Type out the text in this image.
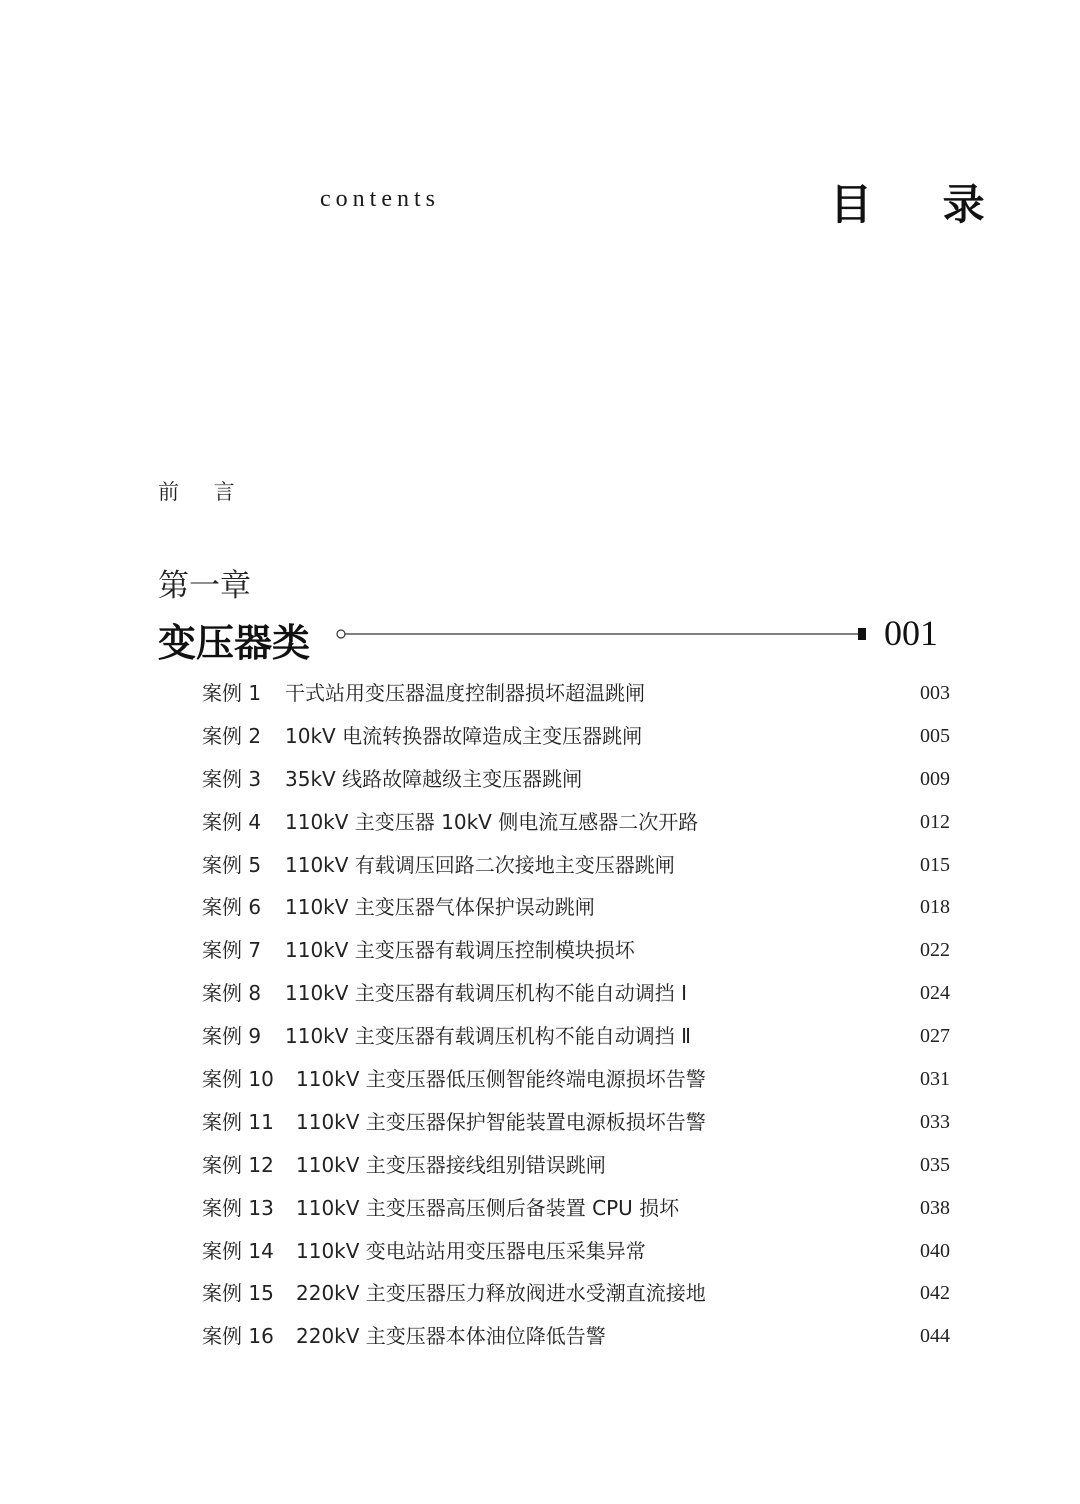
contents	目 录
前 言
第一章
变压器类	001
案例 1 干式站用变压器温度控制器损坏超温跳闸	003
案例 2 10kV 电流转换器故障造成主变压器跳闸	005
案例 3 35kV 线路故障越级主变压器跳闸	009
案例 4 110kV 主变压器 10kV 侧电流互感器二次开路	012
案例 5 110kV 有载调压回路二次接地主变压器跳闸	015
案例 6 110kV 主变压器气体保护误动跳闸	018
案例 7 110kV 主变压器有载调压控制模块损坏	022
案例 8 110kV 主变压器有载调压机构不能自动调挡 Ⅰ	024
案例 9 110kV 主变压器有载调压机构不能自动调挡 Ⅱ	027
案例 10 110kV 主变压器低压侧智能终端电源损坏告警	031
案例 11 110kV 主变压器保护智能装置电源板损坏告警	033
案例 12 110kV 主变压器接线组别错误跳闸	035
案例 13 110kV 主变压器高压侧后备装置 CPU 损坏	038
案例 14 110kV 变电站站用变压器电压采集异常	040
案例 15 220kV 主变压器压力释放阀进水受潮直流接地	042
案例 16 220kV 主变压器本体油位降低告警	044
